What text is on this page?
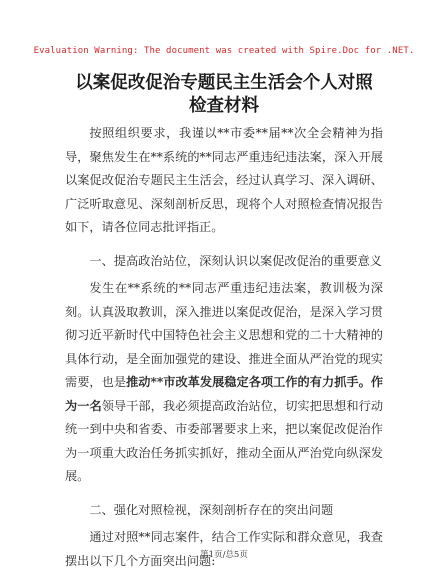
Evaluation Warning: The document was created with Spire.Doc for .NET.
以案促改促治专题民主生活会个人对照检查材料

按照组织要求，我谨以**市委**届**次全会精神为指导，聚焦发生在**系统的**同志严重违纪违法案，深入开展以案促改促治专题民主生活会，经过认真学习、深入调研、广泛听取意见、深刻剖析反思，现将个人对照检查情况报告如下，请各位同志批评指正。

一、提高政治站位，深刻认识以案促改促治的重要意义

发生在**系统的**同志严重违纪违法案，教训极为深刻。认真汲取教训，深入推进以案促改促治，是深入学习贯彻习近平新时代中国特色社会主义思想和党的二十大精神的具体行动，是全面加强党的建设、推进全面从严治党的现实需要，也是推动**市改革发展稳定各项工作的有力抓手。作为一名领导干部，我必须提高政治站位，切实把思想和行动统一到中央和省委、市委部署要求上来，把以案促改促治作为一项重大政治任务抓实抓好，推动全面从严治党向纵深发展。

二、强化对照检视，深刻剖析存在的突出问题

通过对照**同志案件，结合工作实际和群众意见，我查摆出以下几个方面突出问题:

第1页/总5页
